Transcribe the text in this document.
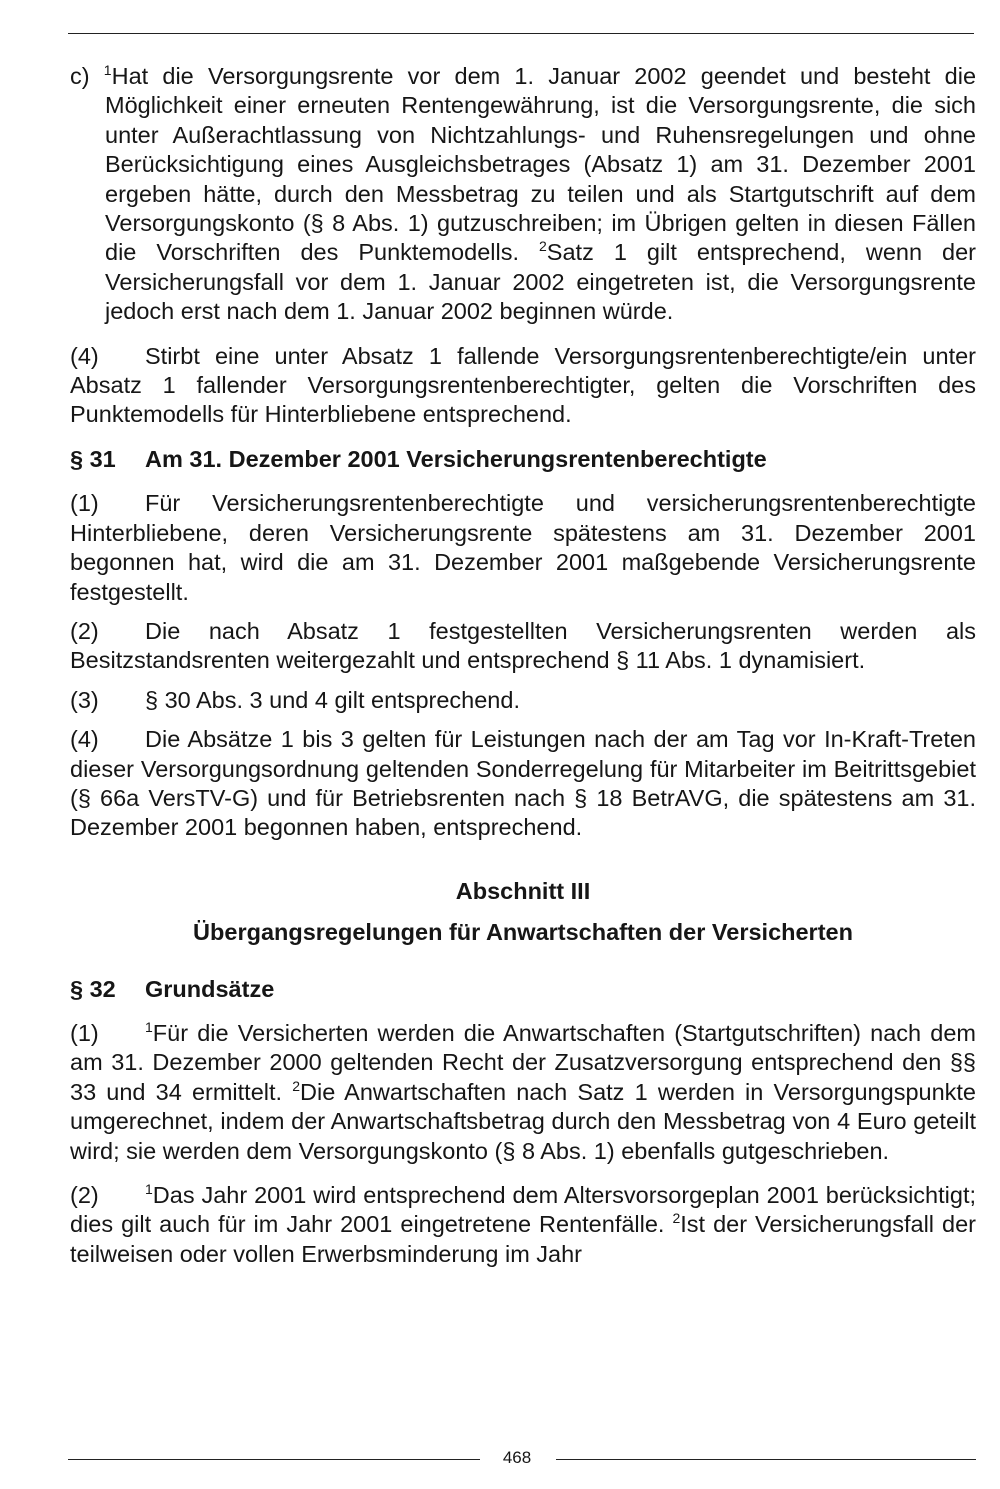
c) $^1$Hat die Versorgungsrente vor dem 1. Januar 2002 geendet und besteht die Möglichkeit einer erneuten Rentengewährung, ist die Versorgungsrente, die sich unter Außerachtlassung von Nichtzahlungs- und Ruhensregelungen und ohne Berücksichtigung eines Ausgleichsbetrages (Absatz 1) am 31. Dezember 2001 ergeben hätte, durch den Messbetrag zu teilen und als Startgutschrift auf dem Versorgungskonto (§ 8 Abs. 1) gutzuschreiben; im Übrigen gelten in diesen Fällen die Vorschriften des Punktemodells. $^2$Satz 1 gilt entsprechend, wenn der Versicherungsfall vor dem 1. Januar 2002 eingetreten ist, die Versorgungsrente jedoch erst nach dem 1. Januar 2002 beginnen würde.

(4) Stirbt eine unter Absatz 1 fallende Versorgungsrentenberechtigte/ein unter Absatz 1 fallender Versorgungsrentenberechtigter, gelten die Vorschriften des Punktemodells für Hinterbliebene entsprechend.

§ 31 Am 31. Dezember 2001 Versicherungsrentenberechtigte

(1) Für Versicherungsrentenberechtigte und versicherungsrentenberechtigte Hinterbliebene, deren Versicherungsrente spätestens am 31. Dezember 2001 begonnen hat, wird die am 31. Dezember 2001 maßgebende Versicherungsrente festgestellt.

(2) Die nach Absatz 1 festgestellten Versicherungsrenten werden als Besitzstandsrenten weitergezahlt und entsprechend § 11 Abs. 1 dynamisiert.

(3) § 30 Abs. 3 und 4 gilt entsprechend.

(4) Die Absätze 1 bis 3 gelten für Leistungen nach der am Tag vor In-Kraft-Treten dieser Versorgungsordnung geltenden Sonderregelung für Mitarbeiter im Beitrittsgebiet (§ 66a VersTV-G) und für Betriebsrenten nach § 18 BetrAVG, die spätestens am 31. Dezember 2001 begonnen haben, entsprechend.

Abschnitt III

Übergangsregelungen für Anwartschaften der Versicherten

§ 32 Grundsätze

(1)	$^1$Für die Versicherten werden die Anwartschaften (Startgutschriften) nach dem am 31. Dezember 2000 geltenden Recht der Zusatzversorgung entsprechend den §§ 33 und 34 ermittelt. $^2$Die Anwartschaften nach Satz 1 werden in Versorgungspunkte umgerechnet, indem der Anwartschaftsbetrag durch den Messbetrag von 4 Euro geteilt wird; sie werden dem Versorgungskonto (§ 8 Abs. 1) ebenfalls gutgeschrieben.

(2)	$^1$Das Jahr 2001 wird entsprechend dem Altersvorsorgeplan 2001 berücksichtigt; dies gilt auch für im Jahr 2001 eingetretene Rentenfälle. $^2$Ist der Versicherungsfall der teilweisen oder vollen Erwerbsminderung im Jahr

468
